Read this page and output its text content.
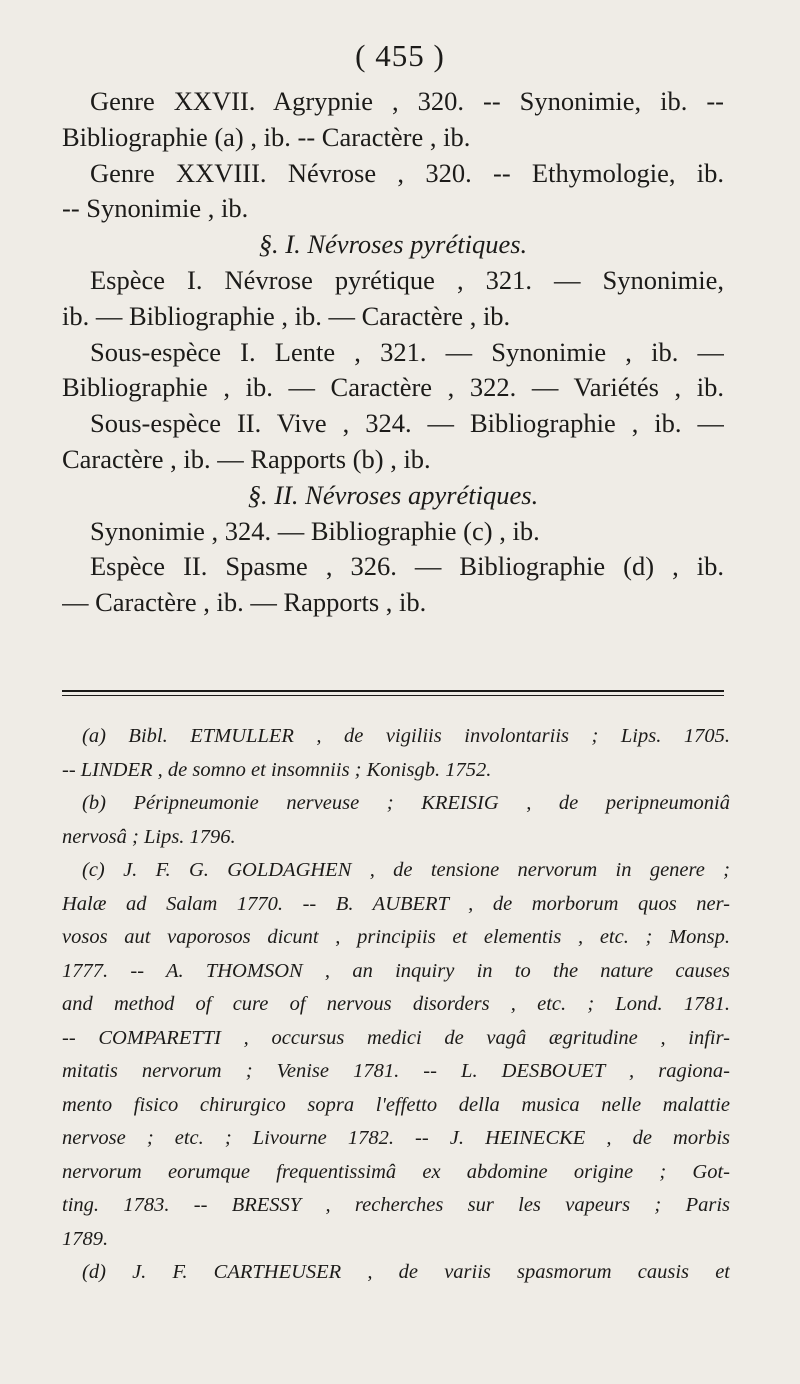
( 455 )
Genre XXVII. Agrypnie , 320. -- Synonimie, ib. --
Bibliographie (a) , ib. -- Caractère , ib.
Genre XXVIII. Névrose , 320. -- Ethymologie, ib.
-- Synonimie , ib.
§. I. Névroses pyrétiques.
Espèce I. Névrose pyrétique , 321. — Synonimie,
ib. — Bibliographie , ib. — Caractère , ib.
Sous-espèce I. Lente , 321. — Synonimie , ib. —
Bibliographie , ib. — Caractère , 322. — Variétés , ib.
Sous-espèce II. Vive , 324. — Bibliographie , ib. —
Caractère , ib. — Rapports (b) , ib.
§. II. Névroses apyrétiques.
Synonimie , 324. — Bibliographie (c) , ib.
Espèce II. Spasme , 326. — Bibliographie (d) , ib.
— Caractère , ib. — Rapports , ib.
(a) Bibl. ETMULLER , de vigiliis involontariis ; Lips. 1705.
-- LINDER , de somno et insomniis ; Konisgb. 1752.
(b) Péripneumonie nerveuse ; KREISIG , de peripneumoniâ
nervosâ ; Lips. 1796.
(c) J. F. G. GOLDAGHEN , de tensione nervorum in genere ;
Halæ ad Salam 1770. -- B. AUBERT , de morborum quos ner-
vosos aut vaporosos dicunt , principiis et elementis , etc. ; Monsp.
1777. -- A. THOMSON , an inquiry in to the nature causes
and method of cure of nervous disorders , etc. ; Lond. 1781.
-- COMPARETTI , occursus medici de vagâ ægritudine , infir-
mitatis nervorum ; Venise 1781. -- L. DESBOUET , ragiona-
mento fisico chirurgico sopra l'effetto della musica nelle malattie
nervose ; etc. ; Livourne 1782. -- J. HEINECKE , de morbis
nervorum eorumque frequentissimâ ex abdomine origine ; Got-
ting. 1783. -- BRESSY , recherches sur les vapeurs ; Paris
1789.
(d) J. F. CARTHEUSER , de variis spasmorum causis et
